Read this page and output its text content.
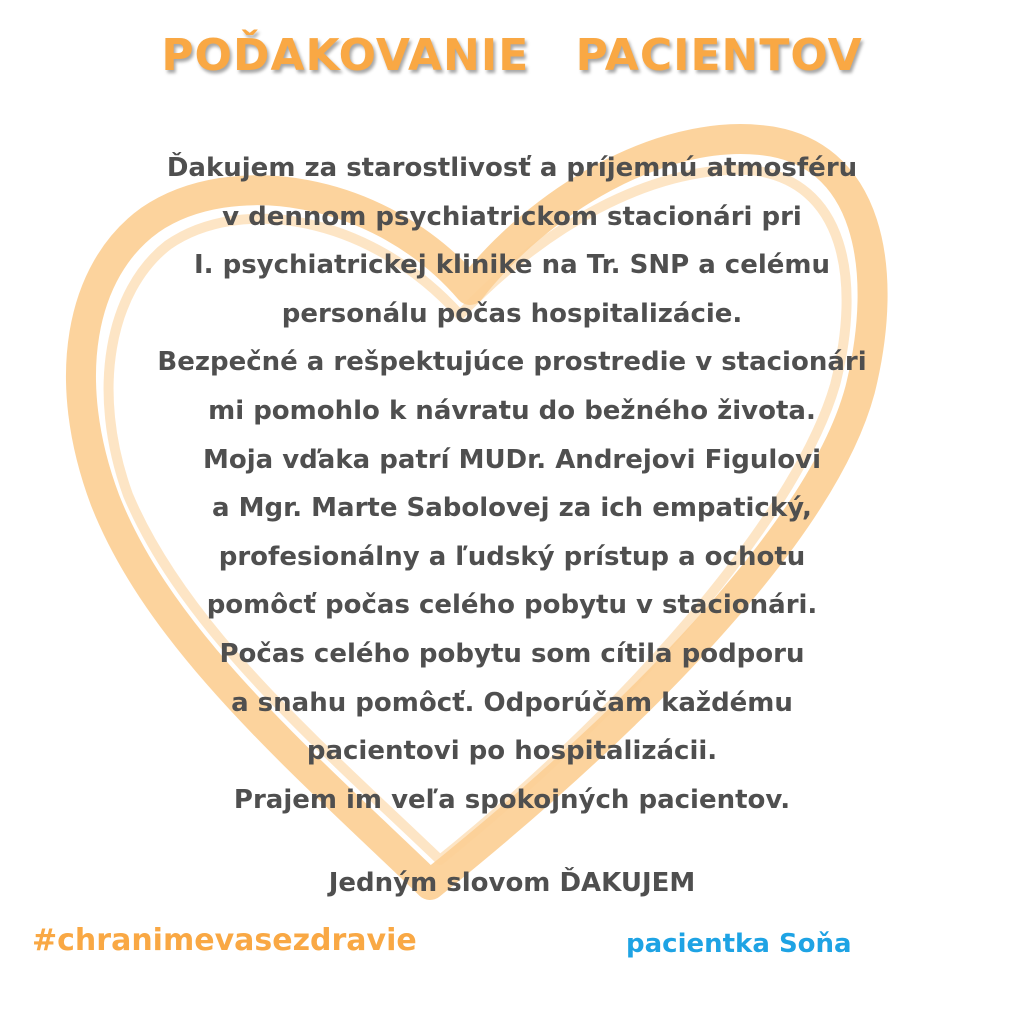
POĎAKOVANIE PACIENTOV

Ďakujem za starostlivosť a príjemnú atmosféru
v dennom psychiatrickom stacionári pri
I. psychiatrickej klinike na Tr. SNP a celému
personálu počas hospitalizácie.
Bezpečné a rešpektujúce prostredie v stacionári
mi pomohlo k návratu do bežného života.
Moja vďaka patrí MUDr. Andrejovi Figulovi
a Mgr. Marte Sabolovej za ich empatický,
profesionálny a ľudský prístup a ochotu
pomôcť počas celého pobytu v stacionári.
Počas celého pobytu som cítila podporu
a snahu pomôcť. Odporúčam každému
pacientovi po hospitalizácii.
Prajem im veľa spokojných pacientov.

Jedným slovom ĎAKUJEM
#chranimevasezdravie	pacientka Soňa
